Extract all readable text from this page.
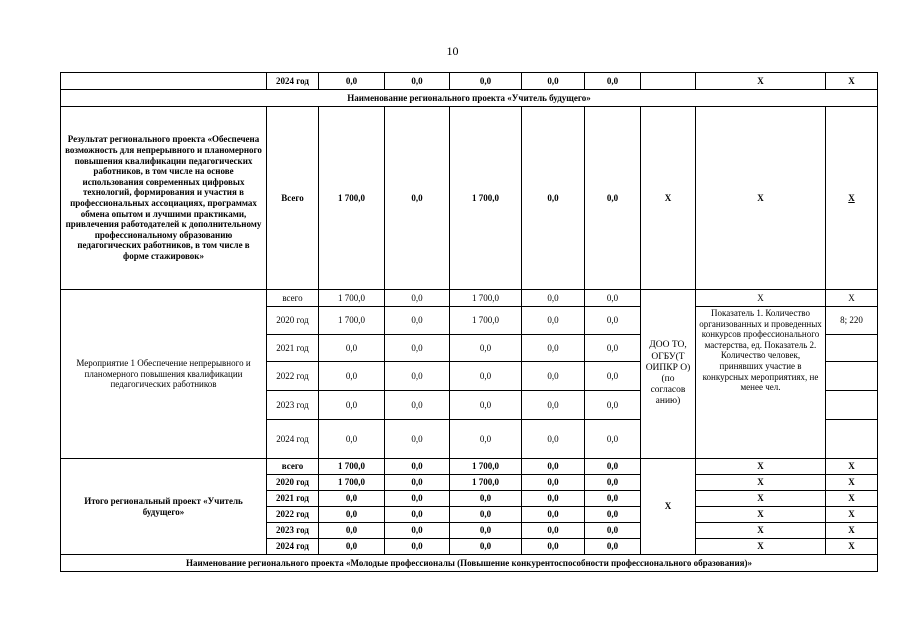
10
	2024 год	0,0	0,0	0,0	0,0	0,0		X	X
Наименование регионального проекта «Учитель будущего»									
Результат регионального проекта «Обеспечена возможность для непрерывного и планомерного повышения квалификации педагогических работников, в том числе на основе использования современных цифровых технологий, формирования и участия в профессиональных ассоциациях, программах обмена опытом и лучшими практиками, привлечения работодателей к дополнительному профессиональному образованию педагогических работников, в том числе в форме стажировок»	Всего	1 700,0	0,0	1 700,0	0,0	0,0	X	X	X
Мероприятие 1 Обеспечение непрерывного и планомерного повышения квалификации педагогических работников	всего	1 700,0	0,0	1 700,0	0,0	0,0	ДОО ТО, ОГБУ(Т ОИПКР О) (по согласов анию)	X	X
	2020 год	1 700,0	0,0	1 700,0	0,0	0,0		Показатель 1. Количество организованных и проведенных конкурсов профессионального мастерства, ед. Показатель 2. Количество человек, принявших участие в конкурсных мероприятиях, не менее чел.	8; 220
	2021 год	0,0	0,0	0,0	0,0	0,0			
	2022 год	0,0	0,0	0,0	0,0	0,0			
	2023 год	0,0	0,0	0,0	0,0	0,0			
	2024 год	0,0	0,0	0,0	0,0	0,0			
Итого региональный проект «Учитель будущего»	всего	1 700,0	0,0	1 700,0	0,0	0,0	X	X	X
	2020 год	1 700,0	0,0	1 700,0	0,0	0,0		X	X
	2021 год	0,0	0,0	0,0	0,0	0,0		X	X
	2022 год	0,0	0,0	0,0	0,0	0,0		X	X
	2023 год	0,0	0,0	0,0	0,0	0,0		X	X
	2024 год	0,0	0,0	0,0	0,0	0,0		X	X
Наименование регионального проекта «Молодые профессионалы (Повышение конкурентоспособности профессионального образования)»									
